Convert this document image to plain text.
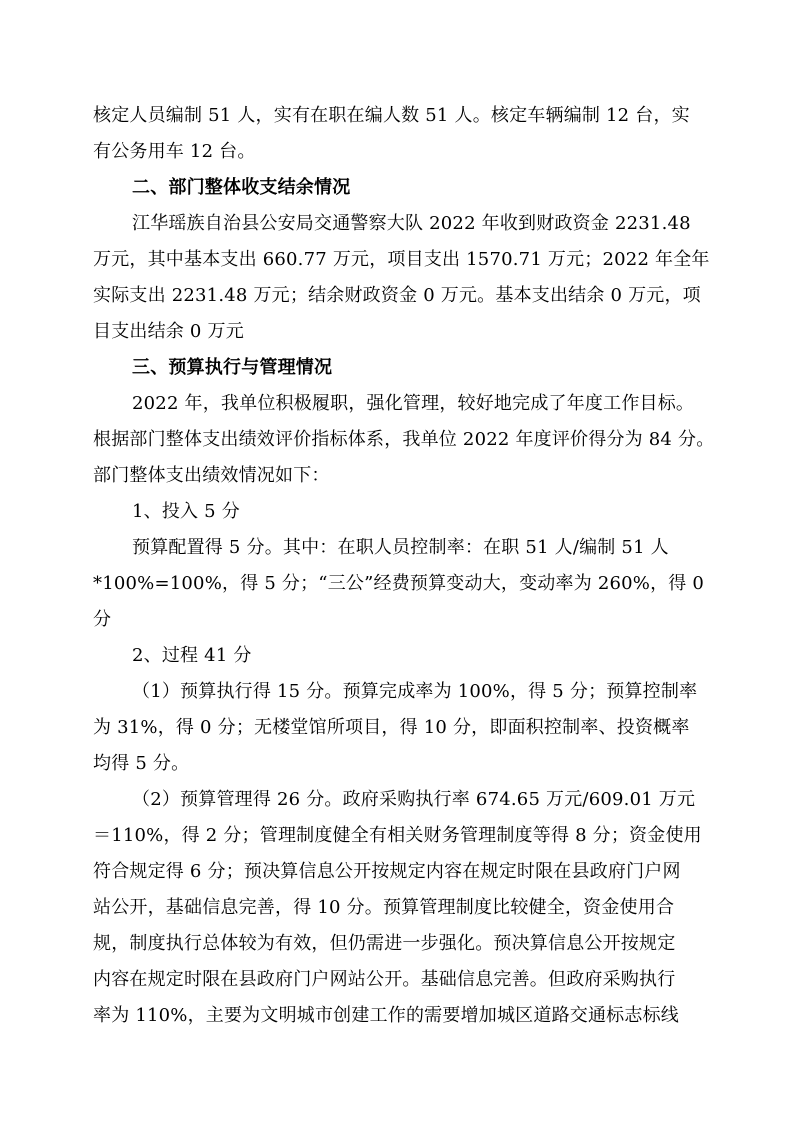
核定人员编制 51 人，实有在职在编人数 51 人。核定车辆编制 12 台，实

有公务用车 12 台。

二、部门整体收支结余情况

江华瑶族自治县公安局交通警察大队 2022 年收到财政资金 2231.48

万元，其中基本支出 660.77 万元，项目支出 1570.71 万元；2022 年全年

实际支出 2231.48 万元；结余财政资金 0 万元。基本支出结余 0 万元，项

目支出结余 0 万元

三、预算执行与管理情况

2022 年，我单位积极履职，强化管理，较好地完成了年度工作目标。

根据部门整体支出绩效评价指标体系，我单位 2022 年度评价得分为 84 分。

部门整体支出绩效情况如下：

1、投入 5 分

预算配置得 5 分。其中：在职人员控制率：在职 51 人/编制 51 人

*100%=100%，得 5 分；“三公”经费预算变动大，变动率为 260%，得 0

分

2、过程 41 分

（1）预算执行得 15 分。预算完成率为 100%，得 5 分；预算控制率

为 31%，得 0 分；无楼堂馆所项目，得 10 分，即面积控制率、投资概率

均得 5 分。

（2）预算管理得 26 分。政府采购执行率 674.65 万元/609.01 万元

＝110%，得 2 分；管理制度健全有相关财务管理制度等得 8 分；资金使用

符合规定得 6 分；预决算信息公开按规定内容在规定时限在县政府门户网

站公开，基础信息完善，得 10 分。预算管理制度比较健全，资金使用合

规，制度执行总体较为有效，但仍需进一步强化。预决算信息公开按规定

内容在规定时限在县政府门户网站公开。基础信息完善。但政府采购执行

率为 110%，主要为文明城市创建工作的需要增加城区道路交通标志标线
